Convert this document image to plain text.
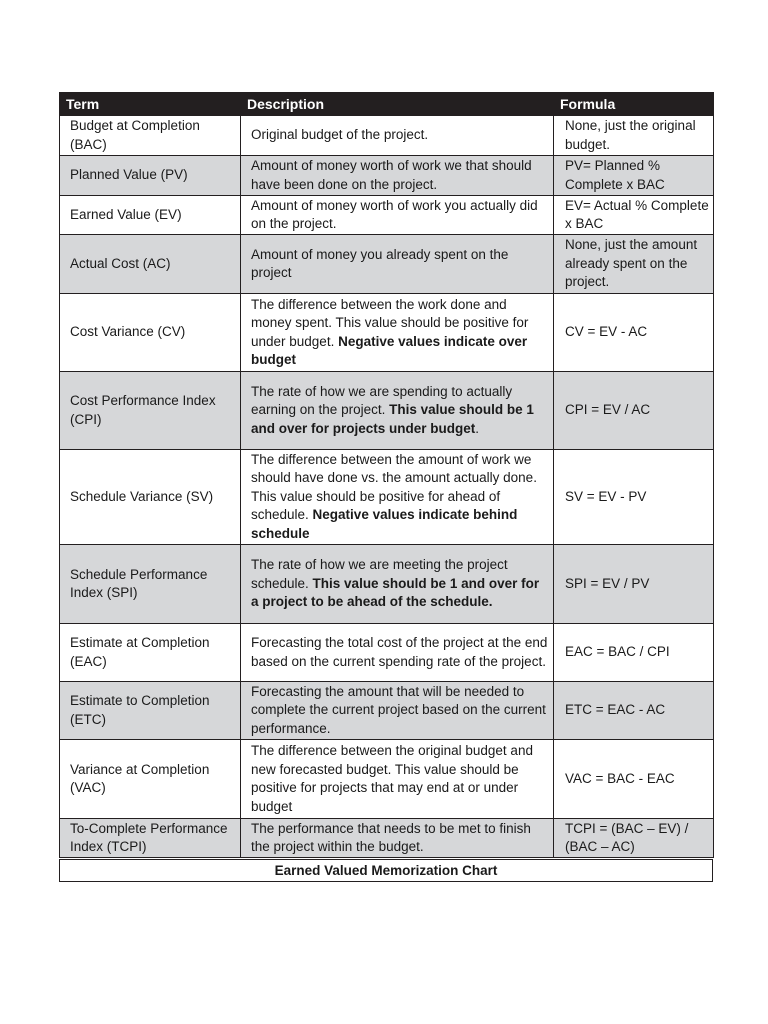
Term	Description	Formula
Budget at Completion (BAC)	Original budget of the project.	None, just the original budget.
Planned Value (PV)	Amount of money worth of work we that should have been done on the project.	PV= Planned % Complete x BAC
Earned Value (EV)	Amount of money worth of work you actually did on the project.	EV= Actual % Complete x BAC
Actual Cost (AC)	Amount of money you already spent on the project	None, just the amount already spent on the project.
Cost Variance (CV)	The difference between the work done and money spent. This value should be positive for under budget. Negative values indicate over budget	CV = EV - AC
Cost Performance Index (CPI)	The rate of how we are spending to actually earning on the project. This value should be 1 and over for projects under budget.	CPI = EV / AC
Schedule Variance (SV)	The difference between the amount of work we should have done vs. the amount actually done. This value should be positive for ahead of schedule. Negative values indicate behind schedule	SV = EV - PV
Schedule Performance Index (SPI)	The rate of how we are meeting the project schedule. This value should be 1 and over for a project to be ahead of the schedule.	SPI = EV / PV
Estimate at Completion (EAC)	Forecasting the total cost of the project at the end based on the current spending rate of the project.	EAC = BAC / CPI
Estimate to Completion (ETC)	Forecasting the amount that will be needed to complete the current project based on the current performance.	ETC = EAC - AC
Variance at Completion (VAC)	The difference between the original budget and new forecasted budget. This value should be positive for projects that may end at or under budget	VAC = BAC - EAC
To-Complete Performance Index (TCPI)	The performance that needs to be met to finish the project within the budget.	TCPI = (BAC – EV) / (BAC – AC)
Earned Valued Memorization Chart
